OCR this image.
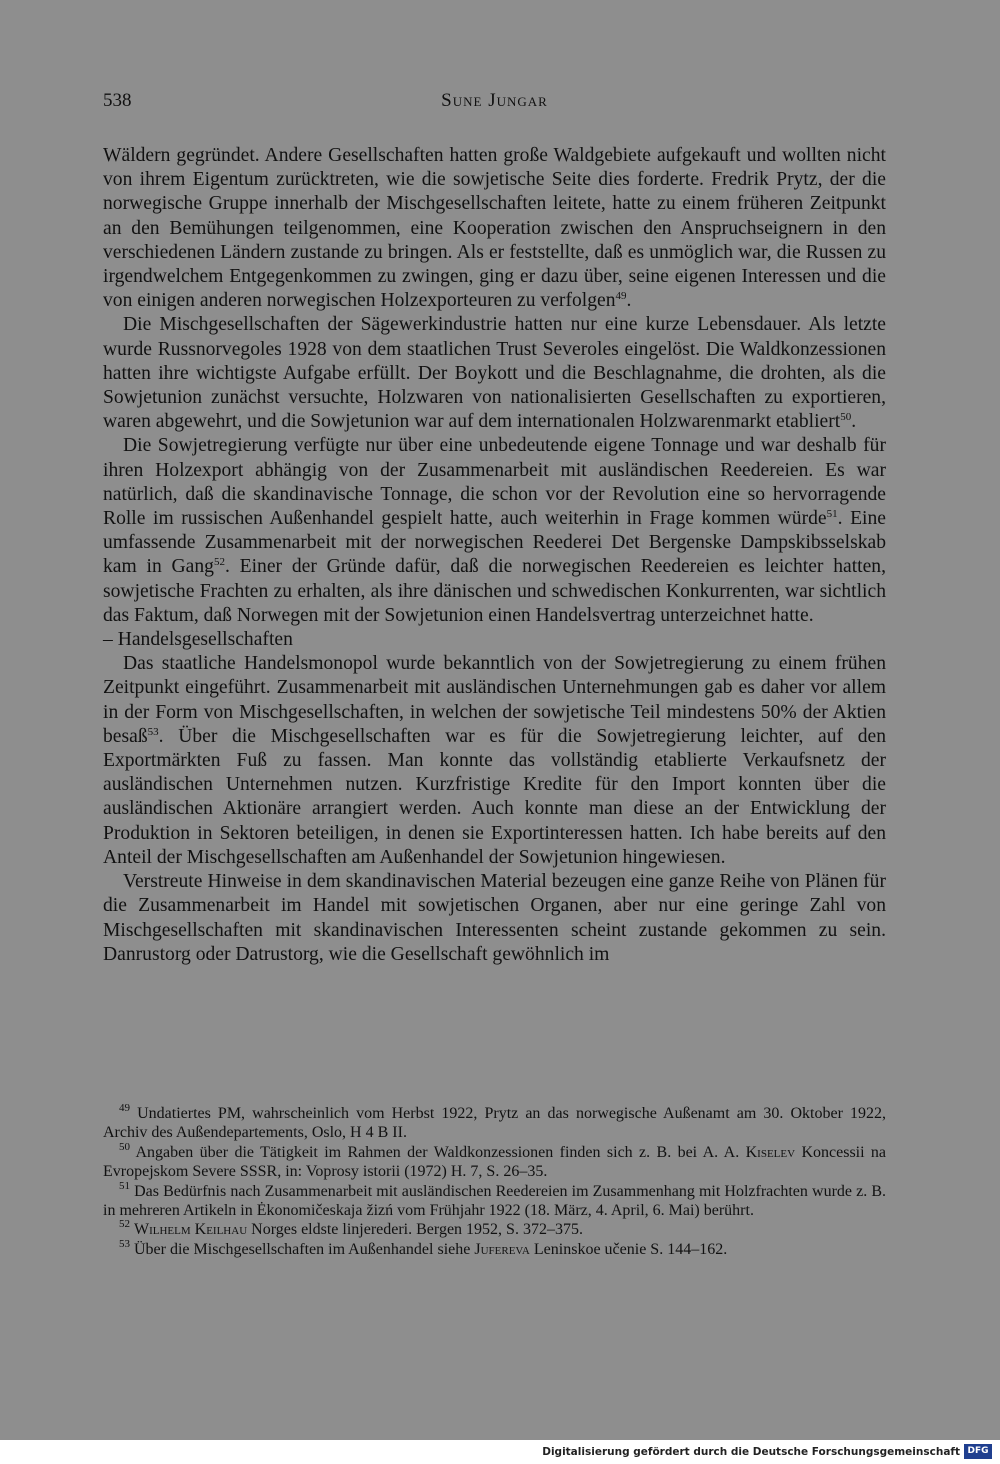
538	Sune Jungar

Wäldern gegründet. Andere Gesellschaften hatten große Waldgebiete aufgekauft und wollten nicht von ihrem Eigentum zurücktreten, wie die sowjetische Seite dies forderte. Fredrik Prytz, der die norwegische Gruppe innerhalb der Mischgesellschaften leitete, hatte zu einem früheren Zeitpunkt an den Bemühungen teilgenommen, eine Kooperation zwischen den Anspruchseignern in den verschiedenen Ländern zustande zu bringen. Als er feststellte, daß es unmöglich war, die Russen zu irgendwelchem Entgegenkommen zu zwingen, ging er dazu über, seine eigenen Interessen und die von einigen anderen norwegischen Holzexporteuren zu verfolgen$^{49}$.

Die Mischgesellschaften der Sägewerkindustrie hatten nur eine kurze Lebensdauer. Als letzte wurde Russnorvegoles 1928 von dem staatlichen Trust Severoles eingelöst. Die Waldkonzessionen hatten ihre wichtigste Aufgabe erfüllt. Der Boykott und die Beschlagnahme, die drohten, als die Sowjetunion zunächst versuchte, Holzwaren von nationalisierten Gesellschaften zu exportieren, waren abgewehrt, und die Sowjetunion war auf dem internationalen Holzwarenmarkt etabliert$^{50}$.

Die Sowjetregierung verfügte nur über eine unbedeutende eigene Tonnage und war deshalb für ihren Holzexport abhängig von der Zusammenarbeit mit ausländischen Reedereien. Es war natürlich, daß die skandinavische Tonnage, die schon vor der Revolution eine so hervorragende Rolle im russischen Außenhandel gespielt hatte, auch weiterhin in Frage kommen würde$^{51}$. Eine umfassende Zusammenarbeit mit der norwegischen Reederei Det Bergenske Dampskibsselskab kam in Gang$^{52}$. Einer der Gründe dafür, daß die norwegischen Reedereien es leichter hatten, sowjetische Frachten zu erhalten, als ihre dänischen und schwedischen Konkurrenten, war sichtlich das Faktum, daß Norwegen mit der Sowjetunion einen Handelsvertrag unterzeichnet hatte.

– Handelsgesellschaften

Das staatliche Handelsmonopol wurde bekanntlich von der Sowjetregierung zu einem frühen Zeitpunkt eingeführt. Zusammenarbeit mit ausländischen Unternehmungen gab es daher vor allem in der Form von Mischgesellschaften, in welchen der sowjetische Teil mindestens 50% der Aktien besaß$^{53}$. Über die Mischgesellschaften war es für die Sowjetregierung leichter, auf den Exportmärkten Fuß zu fassen. Man konnte das vollständig etablierte Verkaufsnetz der ausländischen Unternehmen nutzen. Kurzfristige Kredite für den Import konnten über die ausländischen Aktionäre arrangiert werden. Auch konnte man diese an der Entwicklung der Produktion in Sektoren beteiligen, in denen sie Exportinteressen hatten. Ich habe bereits auf den Anteil der Mischgesellschaften am Außenhandel der Sowjetunion hingewiesen.

Verstreute Hinweise in dem skandinavischen Material bezeugen eine ganze Reihe von Plänen für die Zusammenarbeit im Handel mit sowjetischen Organen, aber nur eine geringe Zahl von Mischgesellschaften mit skandinavischen Interessenten scheint zustande gekommen zu sein. Danrustorg oder Datrustorg, wie die Gesellschaft gewöhnlich im

$^{49}$ Undatiertes PM, wahrscheinlich vom Herbst 1922, Prytz an das norwegische Außenamt am 30. Oktober 1922, Archiv des Außendepartements, Oslo, H 4 B II.

$^{50}$ Angaben über die Tätigkeit im Rahmen der Waldkonzessionen finden sich z. B. bei A. A. Kiselev Koncessii na Evropejskom Severe SSSR, in: Voprosy istorii (1972) H. 7, S. 26–35.

$^{51}$ Das Bedürfnis nach Zusammenarbeit mit ausländischen Reedereien im Zusammenhang mit Holzfrachten wurde z. B. in mehreren Artikeln in Ėkonomičeskaja žizń vom Frühjahr 1922 (18. März, 4. April, 6. Mai) berührt.

$^{52}$ Wilhelm Keilhau Norges eldste linjerederi. Bergen 1952, S. 372–375.

$^{53}$ Über die Mischgesellschaften im Außenhandel siehe Jufereva Leninskoe učenie S. 144–162.

Digitalisierung gefördert durch die Deutsche Forschungsgemeinschaft DFG
